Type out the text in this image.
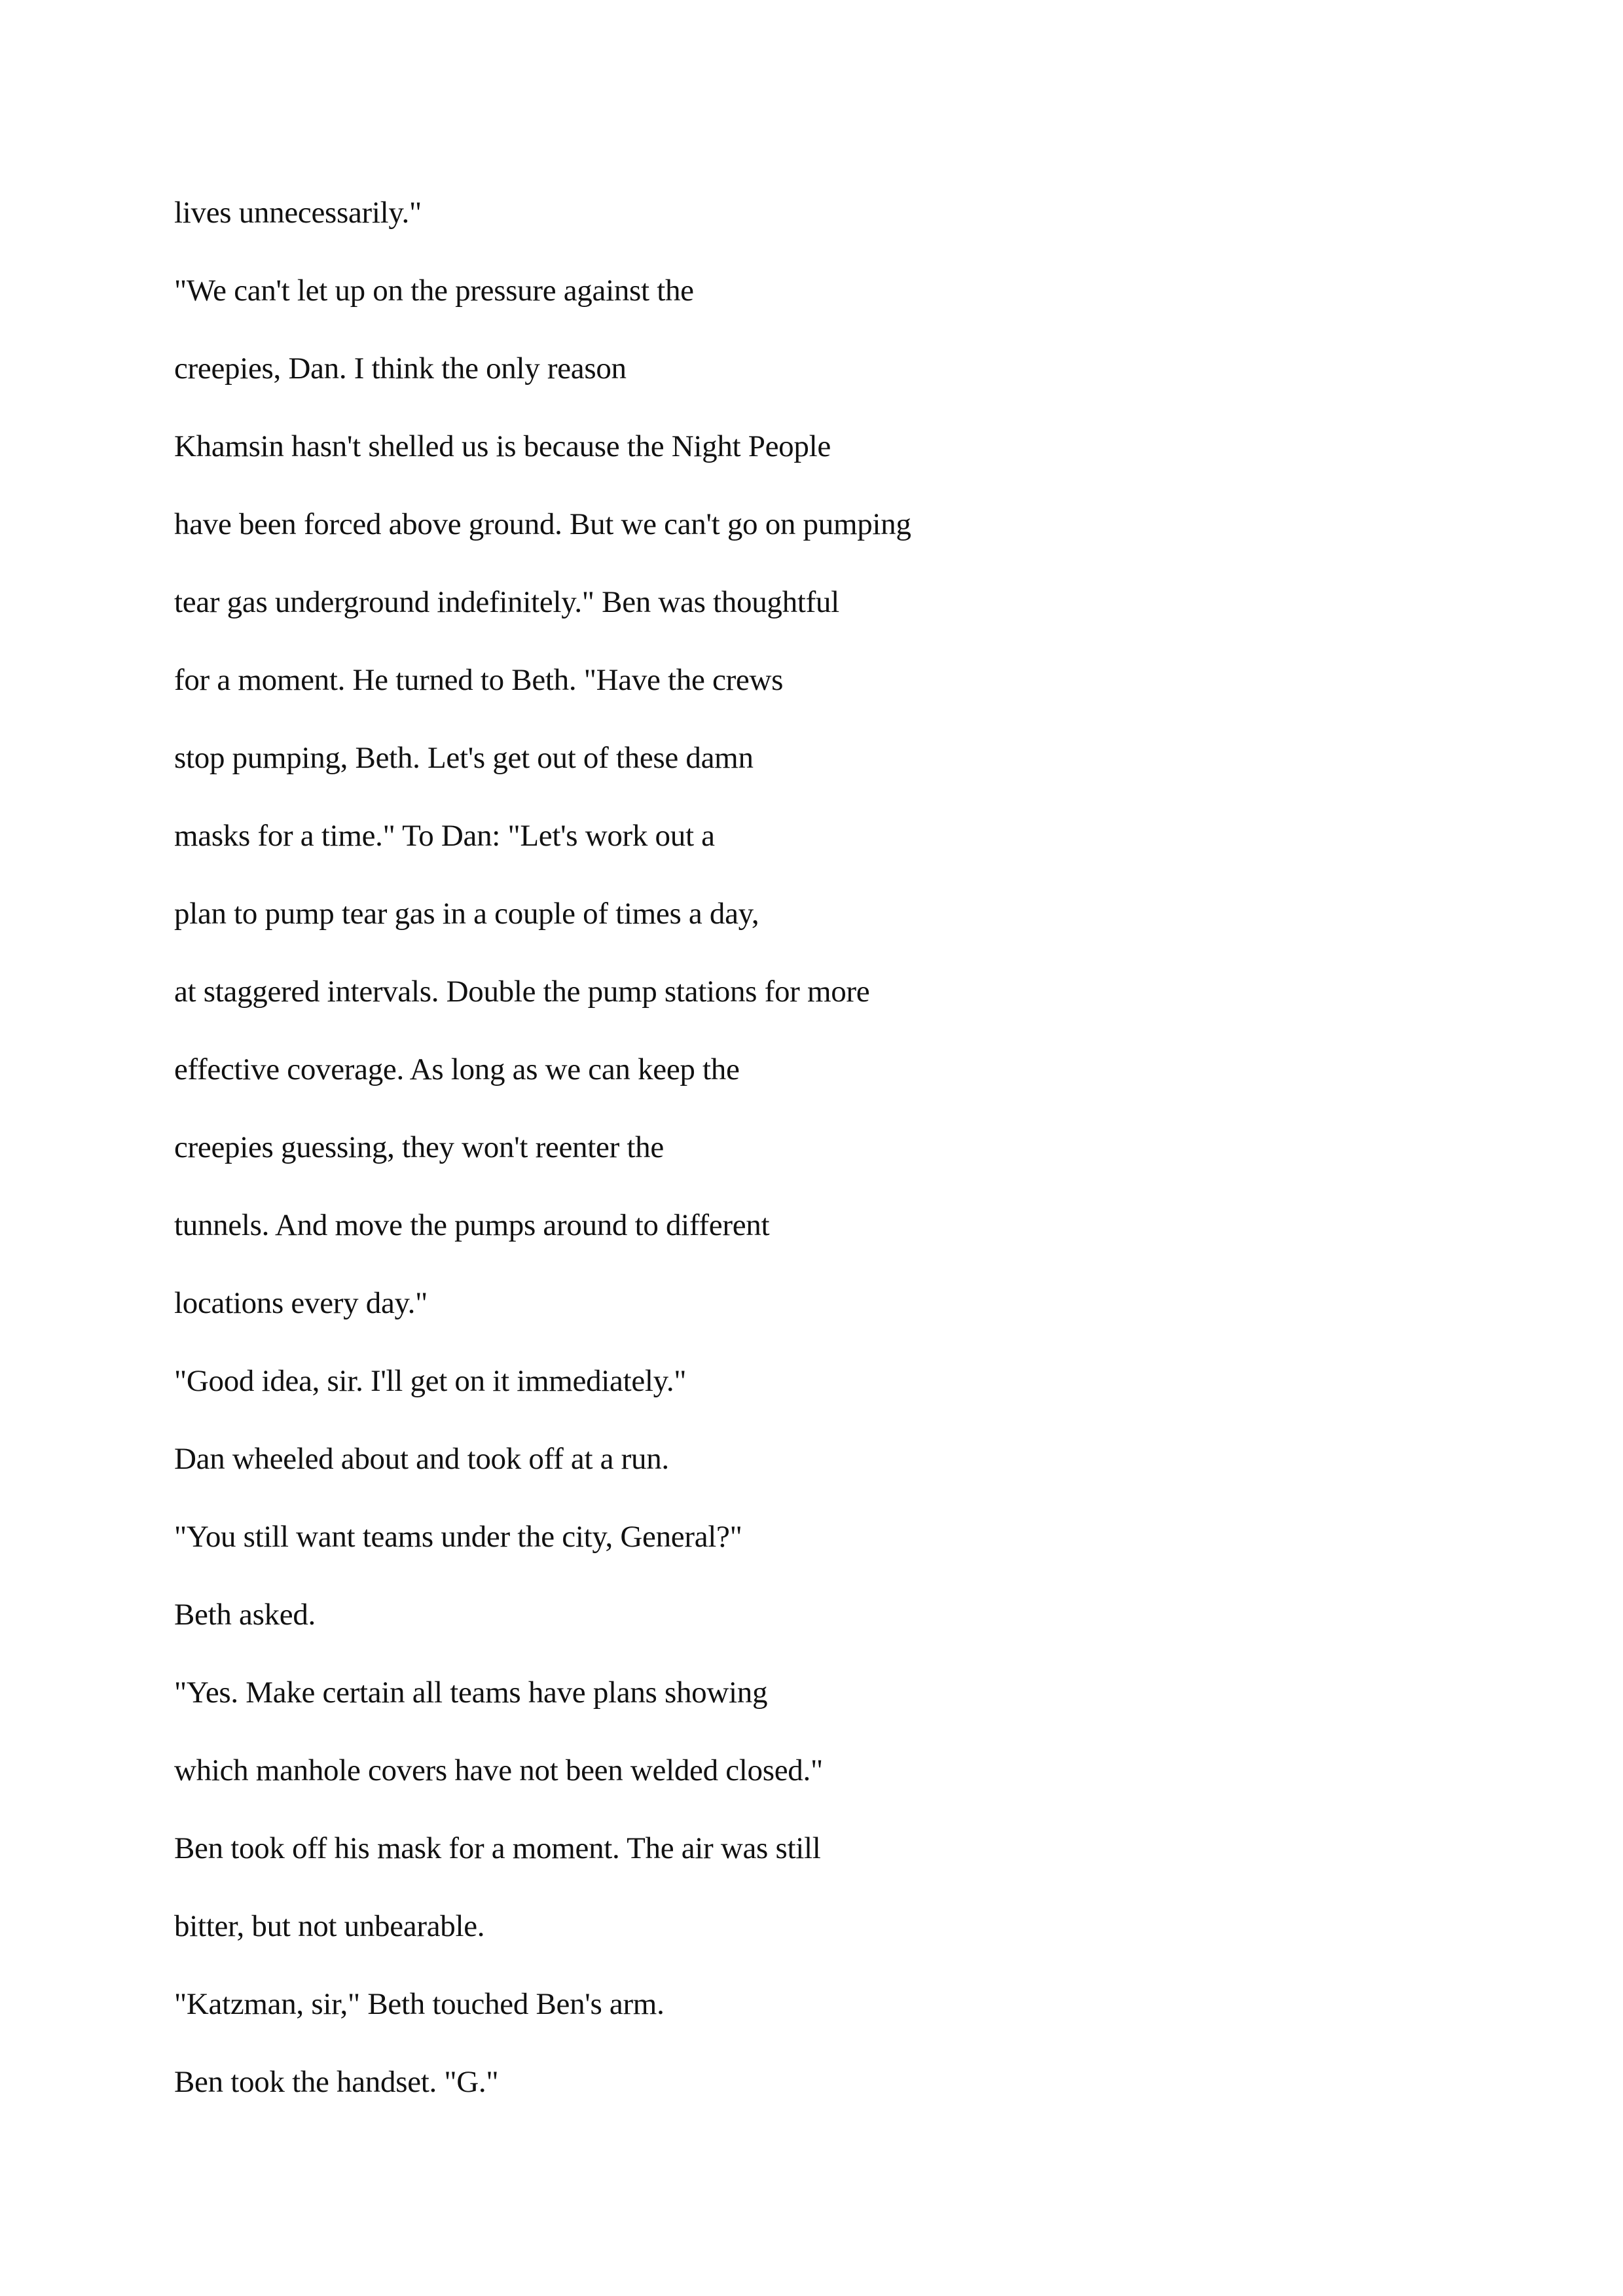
lives unnecessarily."
"We can't let up on the pressure against the
creepies, Dan. I think the only reason
Khamsin hasn't shelled us is because the Night People
have been forced above ground. But we can't go on pumping
tear gas underground indefinitely." Ben was thoughtful
for a moment. He turned to Beth. "Have the crews
stop pumping, Beth. Let's get out of these damn
masks for a time." To Dan: "Let's work out a
plan to pump tear gas in a couple of times a day,
at staggered intervals. Double the pump stations for more
effective coverage. As long as we can keep the
creepies guessing, they won't reenter the
tunnels. And move the pumps around to different
locations every day."
"Good idea, sir. I'll get on it immediately."
Dan wheeled about and took off at a run.
"You still want teams under the city, General?"
Beth asked.
"Yes. Make certain all teams have plans showing
which manhole covers have not been welded closed."
Ben took off his mask for a moment. The air was still
bitter, but not unbearable.
"Katzman, sir," Beth touched Ben's arm.
Ben took the handset. "G."
